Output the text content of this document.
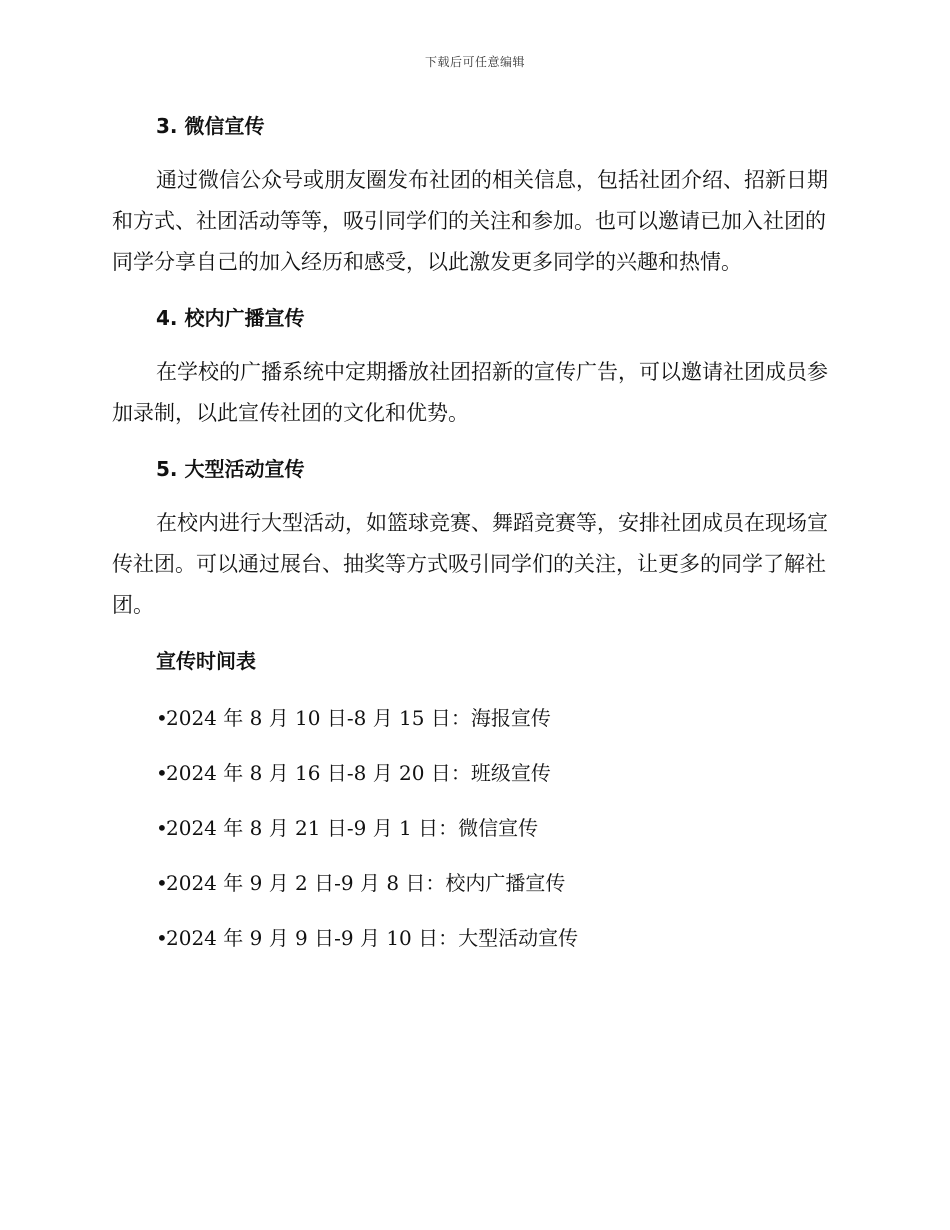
下载后可任意编辑
3. 微信宣传

通过微信公众号或朋友圈发布社团的相关信息，包括社团介绍、招新日期和方式、社团活动等等，吸引同学们的关注和参加。也可以邀请已加入社团的同学分享自己的加入经历和感受，以此激发更多同学的兴趣和热情。

4. 校内广播宣传

在学校的广播系统中定期播放社团招新的宣传广告，可以邀请社团成员参加录制，以此宣传社团的文化和优势。

5. 大型活动宣传

在校内进行大型活动，如篮球竞赛、舞蹈竞赛等，安排社团成员在现场宣传社团。可以通过展台、抽奖等方式吸引同学们的关注，让更多的同学了解社团。

宣传时间表
•2024 年 8 月 10 日-8 月 15 日：海报宣传
•2024 年 8 月 16 日-8 月 20 日：班级宣传
•2024 年 8 月 21 日-9 月 1 日：微信宣传
•2024 年 9 月 2 日-9 月 8 日：校内广播宣传
•2024 年 9 月 9 日-9 月 10 日：大型活动宣传
